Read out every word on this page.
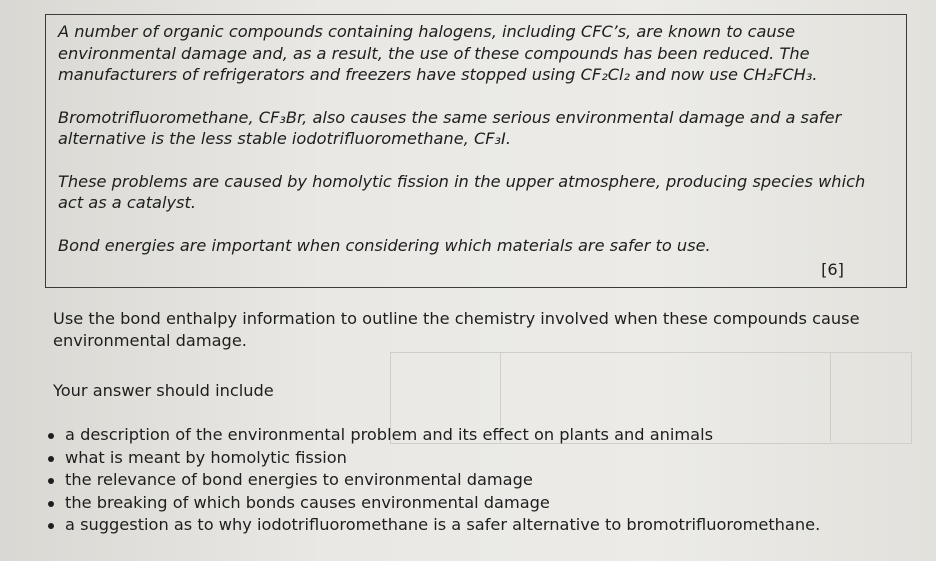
A number of organic compounds containing halogens, including CFC’s, are known to cause environmental damage and, as a result, the use of these compounds has been reduced. The manufacturers of refrigerators and freezers have stopped using CF₂Cl₂ and now use CH₂FCH₃.

Bromotrifluoromethane, CF₃Br, also causes the same serious environmental damage and a safer alternative is the less stable iodotrifluoromethane, CF₃I.

These problems are caused by homolytic fission in the upper atmosphere, producing species which act as a catalyst.

Bond energies are important when considering which materials are safer to use.

[6]
Use the bond enthalpy information to outline the chemistry involved when these compounds cause environmental damage.
Your answer should include
a description of the environmental problem and its effect on plants and animals
what is meant by homolytic fission
the relevance of bond energies to environmental damage
the breaking of which bonds causes environmental damage
a suggestion as to why iodotrifluoromethane is a safer alternative to bromotrifluoromethane.
